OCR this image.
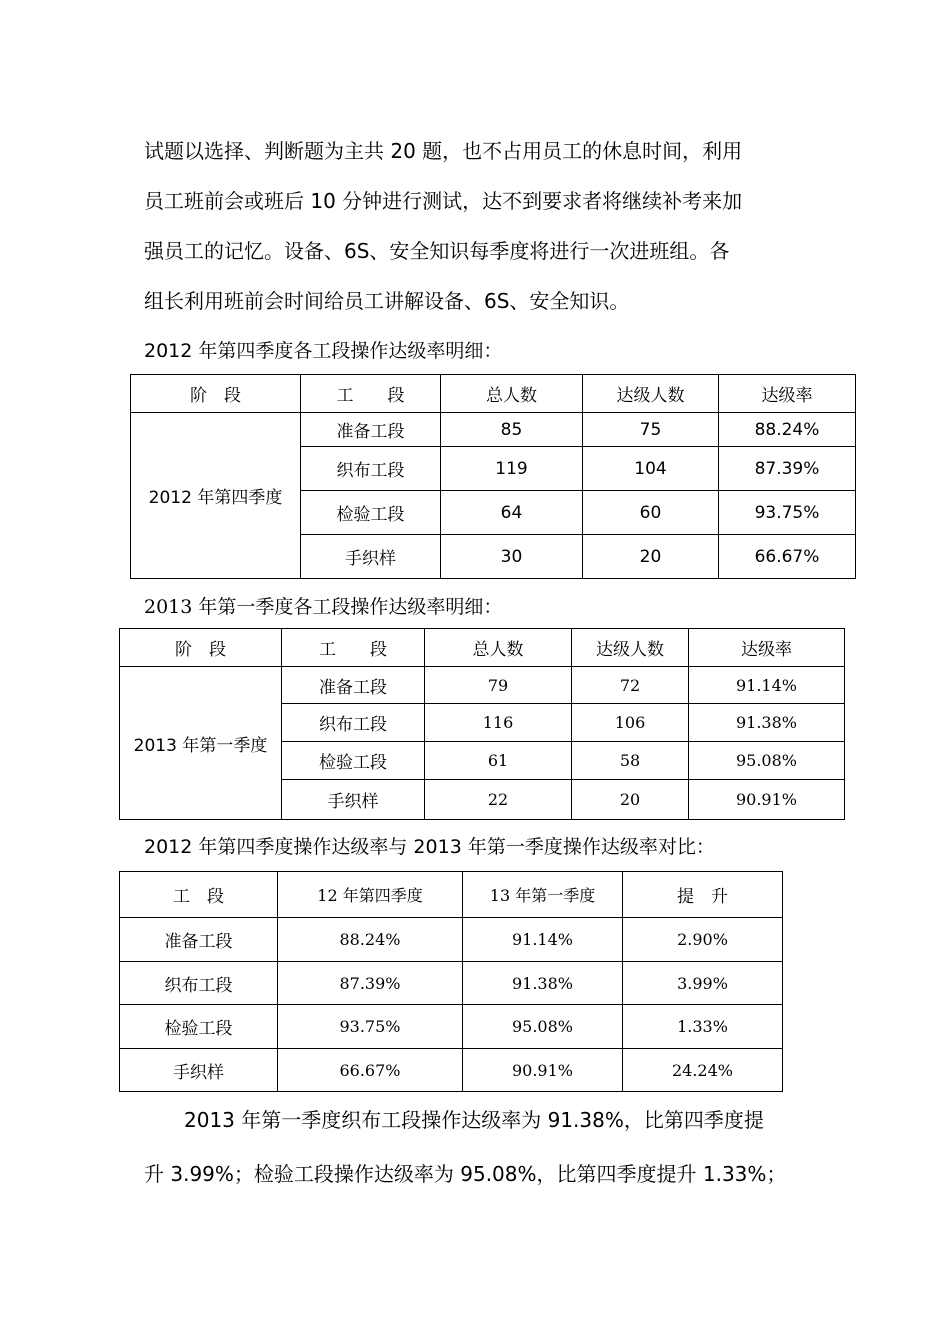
试题以选择、判断题为主共 20 题，也不占用员工的休息时间，利用
员工班前会或班后 10 分钟进行测试，达不到要求者将继续补考来加
强员工的记忆。设备、6S、安全知识每季度将进行一次进班组。各
组长利用班前会时间给员工讲解设备、6S、安全知识。

2012 年第四季度各工段操作达级率明细：

阶　段	工　　段	总人数	达级人数	达级率
2012 年第四季度	准备工段	85	75	88.24%
	织布工段	119	104	87.39%
	检验工段	64	60	93.75%
	手织样	30	20	66.67%

2013 年第一季度各工段操作达级率明细：

阶　段	工　　段	总人数	达级人数	达级率
2013 年第一季度	准备工段	79	72	91.14%
	织布工段	116	106	91.38%
	检验工段	61	58	95.08%
	手织样	22	20	90.91%

2012 年第四季度操作达级率与 2013 年第一季度操作达级率对比：

工　段	12 年第四季度	13 年第一季度	提　升
准备工段	88.24%	91.14%	2.90%
织布工段	87.39%	91.38%	3.99%
检验工段	93.75%	95.08%	1.33%
手织样	66.67%	90.91%	24.24%
　　2013 年第一季度织布工段操作达级率为 91.38%，比第四季度提
升 3.99%；检验工段操作达级率为 95.08%，比第四季度提升 1.33%；
